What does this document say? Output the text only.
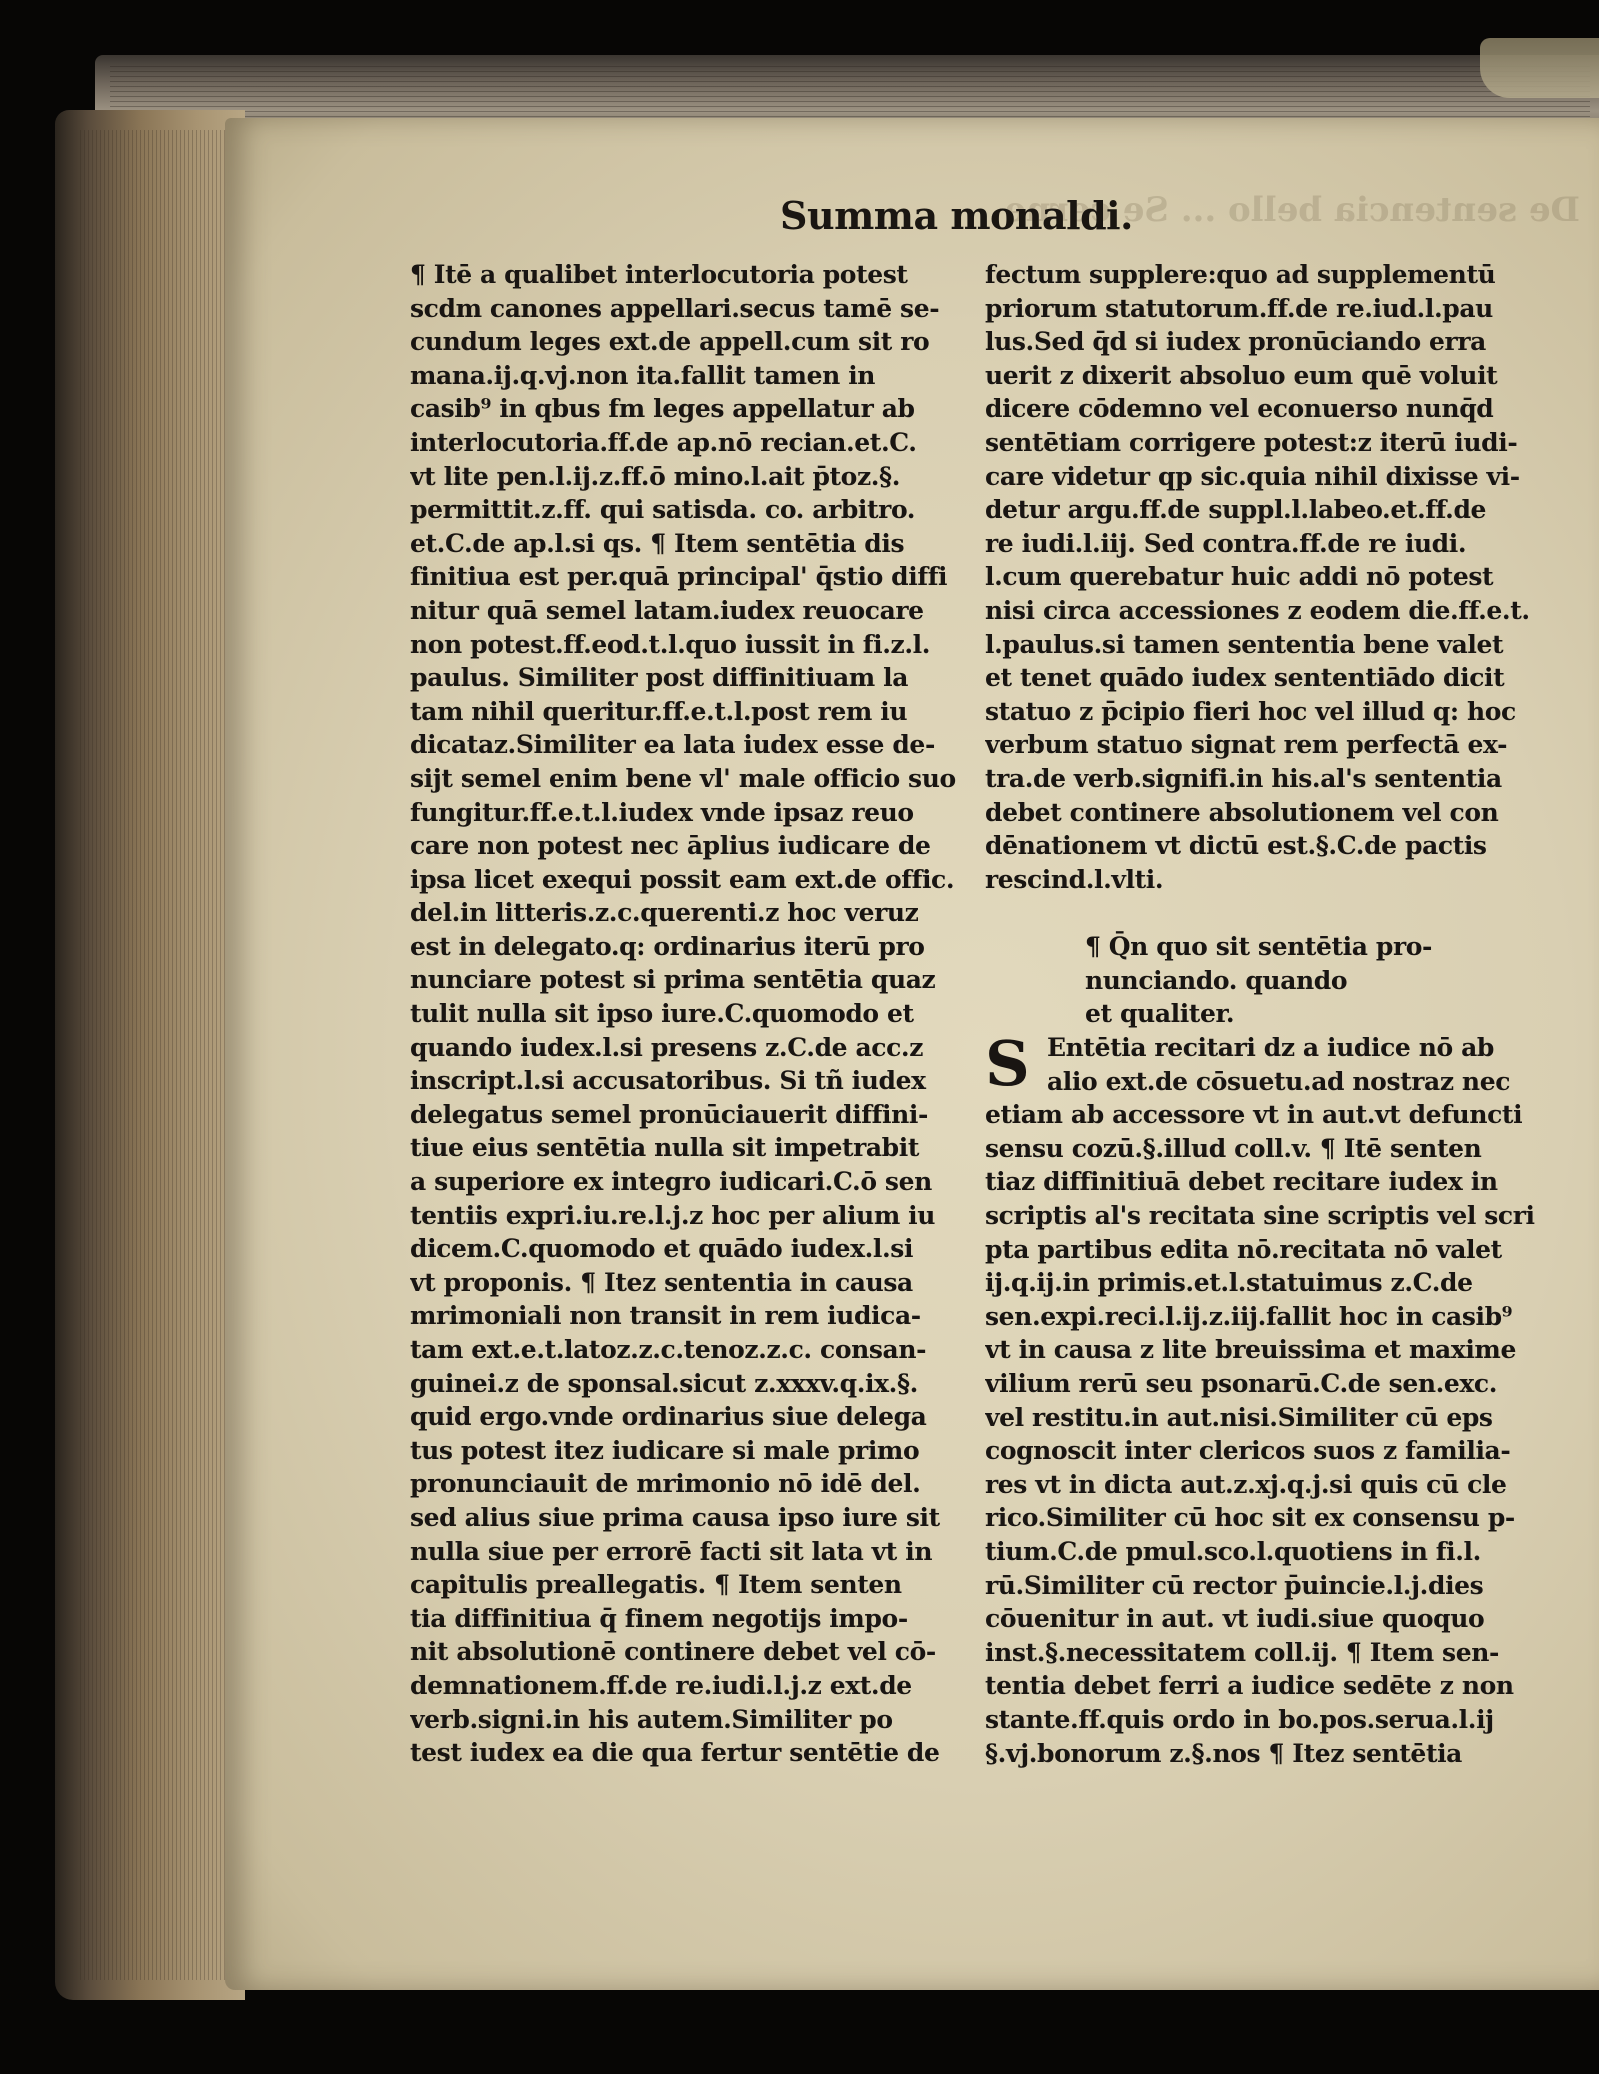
De sentencia bello ... Se cerne
Summa monaldi.
¶ Itē a qualibet interlocutoria potest
scdm canones appellari.secus tamē se-
cundum leges ext.de appell.cum sit ro
mana.ij.q.vj.non ita.fallit tamen in
casib⁹ in qbus fm leges appellatur ab
interlocutoria.ff.de ap.nō recian.et.C.
vt lite pen.l.ij.z.ff.ō mino.l.ait p̄toz.§.
permittit.z.ff. qui satisda. co. arbitro.
et.C.de ap.l.si qs. ¶ Item sentētia dis
finitiua est per.quā principal' q̄stio diffi
nitur quā semel latam.iudex reuocare
non potest.ff.eod.t.l.quo iussit in fi.z.l.
paulus. Similiter post diffinitiuam la
tam nihil queritur.ff.e.t.l.post rem iu
dicataz.Similiter ea lata iudex esse de-
sijt semel enim bene vl' male officio suo
fungitur.ff.e.t.l.iudex vnde ipsaz reuo
care non potest nec āplius iudicare de
ipsa licet exequi possit eam ext.de offic.
del.in litteris.z.c.querenti.z hoc veruz
est in delegato.q: ordinarius iterū pro
nunciare potest si prima sentētia quaz
tulit nulla sit ipso iure.C.quomodo et
quando iudex.l.si presens z.C.de acc.z
inscript.l.si accusatoribus. Si tñ iudex
delegatus semel pronūciauerit diffini-
tiue eius sentētia nulla sit impetrabit
a superiore ex integro iudicari.C.ō sen
tentiis expri.iu.re.l.j.z hoc per alium iu
dicem.C.quomodo et quādo iudex.l.si
vt proponis. ¶ Itez sententia in causa
mrimoniali non transit in rem iudica-
tam ext.e.t.latoz.z.c.tenoz.z.c. consan-
guinei.z de sponsal.sicut z.xxxv.q.ix.§.
quid ergo.vnde ordinarius siue delega
tus potest itez iudicare si male primo
pronunciauit de mrimonio nō idē del.
sed alius siue prima causa ipso iure sit
nulla siue per errorē facti sit lata vt in
capitulis preallegatis. ¶ Item senten
tia diffinitiua q̄ finem negotijs impo-
nit absolutionē continere debet vel cō-
demnationem.ff.de re.iudi.l.j.z ext.de
verb.signi.in his autem.Similiter po
test iudex ea die qua fertur sentētie de
fectum supplere:quo ad supplementū
priorum statutorum.ff.de re.iud.l.pau
lus.Sed q̄d si iudex pronūciando erra
uerit z dixerit absoluo eum quē voluit
dicere cōdemno vel econuerso nunq̄d
sentētiam corrigere potest:z iterū iudi-
care videtur qp sic.quia nihil dixisse vi-
detur argu.ff.de suppl.l.labeo.et.ff.de
re iudi.l.iij. Sed contra.ff.de re iudi.
l.cum querebatur huic addi nō potest
nisi circa accessiones z eodem die.ff.e.t.
l.paulus.si tamen sententia bene valet
et tenet quādo iudex sententiādo dicit
statuo z p̄cipio fieri hoc vel illud q: hoc
verbum statuo signat rem perfectā ex-
tra.de verb.signifi.in his.al's sententia
debet continere absolutionem vel con
dēnationem vt dictū est.§.C.de pactis
rescind.l.vlti.
¶ Q̄n quo sit sentētia pro-
nunciando. quando
et qualiter.
S Entētia recitari dz a iudice nō ab
alio ext.de cōsuetu.ad nostraz nec
etiam ab accessore vt in aut.vt defuncti
sensu cozū.§.illud coll.v. ¶ Itē senten
tiaz diffinitiuā debet recitare iudex in
scriptis al's recitata sine scriptis vel scri
pta partibus edita nō.recitata nō valet
ij.q.ij.in primis.et.l.statuimus z.C.de
sen.expi.reci.l.ij.z.iij.fallit hoc in casib⁹
vt in causa z lite breuissima et maxime
vilium rerū seu psonarū.C.de sen.exc.
vel restitu.in aut.nisi.Similiter cū eps
cognoscit inter clericos suos z familia-
res vt in dicta aut.z.xj.q.j.si quis cū cle
rico.Similiter cū hoc sit ex consensu p-
tium.C.de pmul.sco.l.quotiens in fi.l.
rū.Similiter cū rector p̄uincie.l.j.dies
cōuenitur in aut. vt iudi.siue quoquo
inst.§.necessitatem coll.ij. ¶ Item sen-
tentia debet ferri a iudice sedēte z non
stante.ff.quis ordo in bo.pos.serua.l.ij
§.vj.bonorum z.§.nos ¶ Itez sentētia
